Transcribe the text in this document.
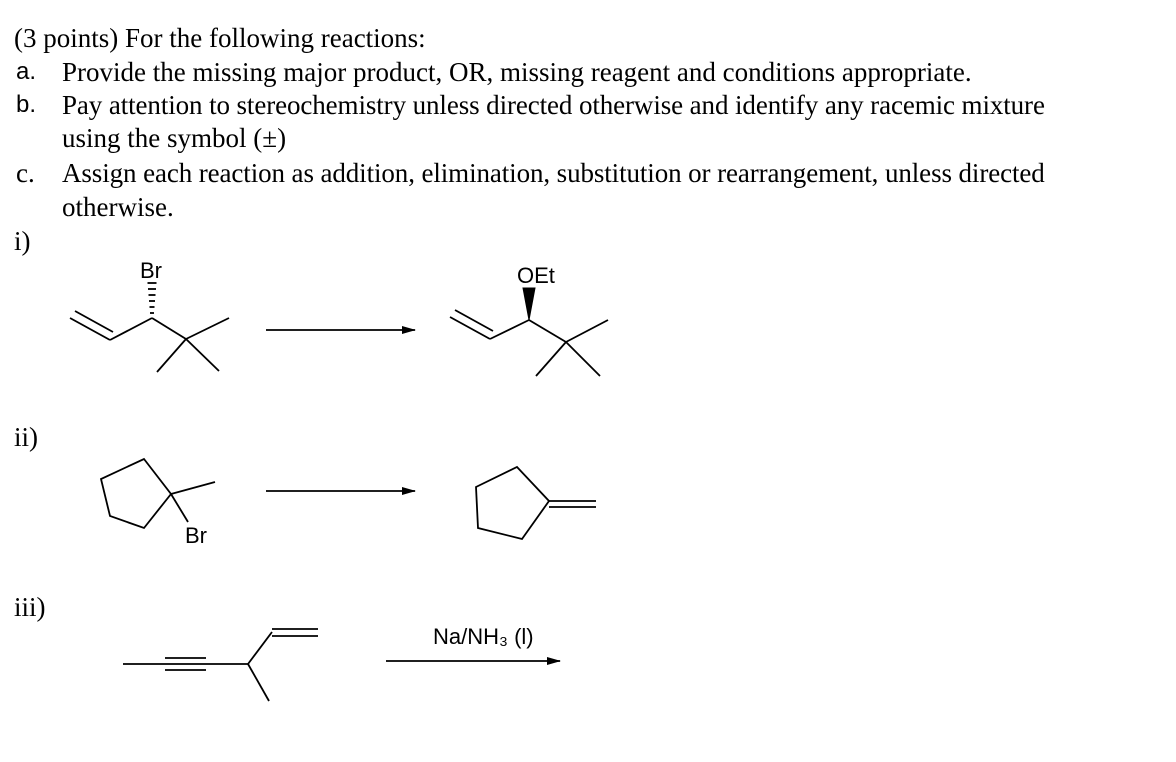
(3 points) For the following reactions:
a. Provide the missing major product, OR, missing reagent and conditions appropriate.
b. Pay attention to stereochemistry unless directed otherwise and identify any racemic mixture
using the symbol (±)
c. Assign each reaction as addition, elimination, substitution or rearrangement, unless directed
otherwise.
i)
ii)
iii)
Br	OEt
Br
Na/NH₃ (l)
